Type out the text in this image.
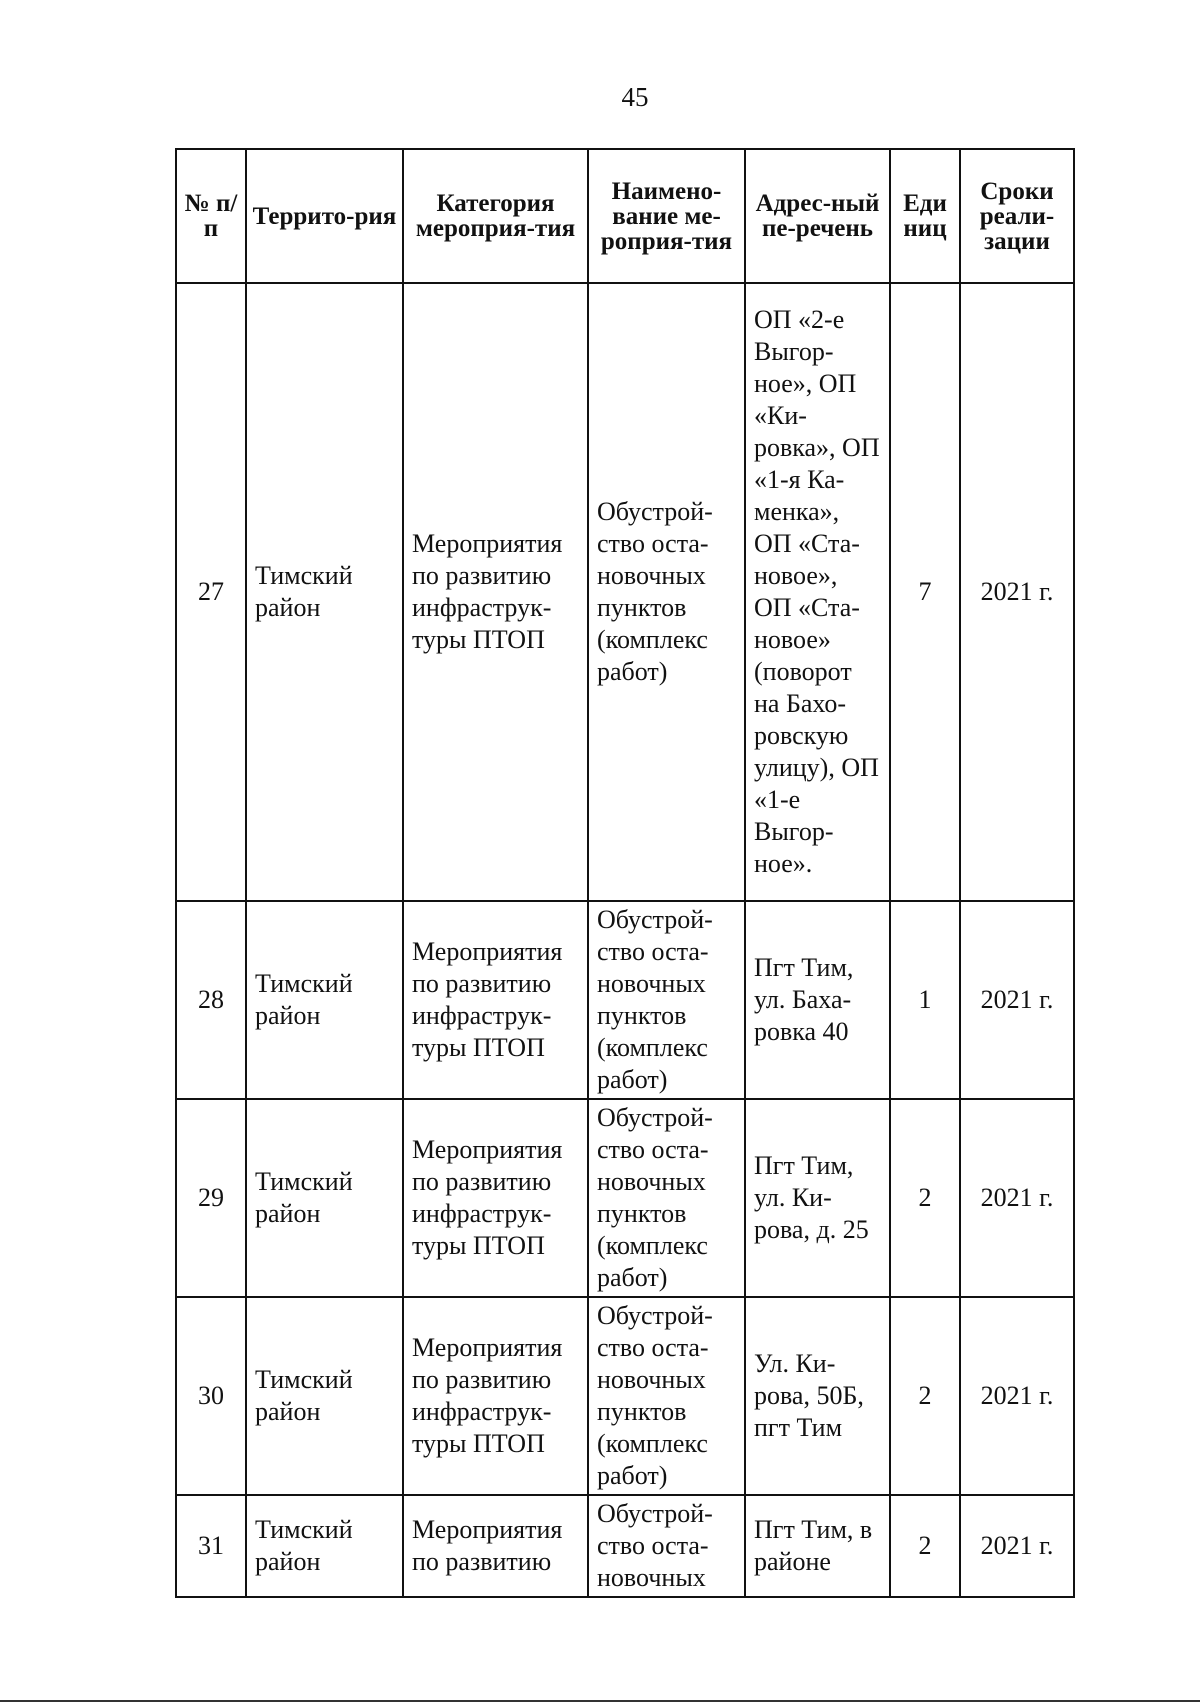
45
№ п/п	Террито-рия	Категория мероприя-тия	Наимено-вание ме-роприя-тия	Адрес-ный пе-речень	Еди ниц	Сроки реали-зации
27	Тимский район	Мероприятия по развитию инфраструк-туры ПТОП	Обустрой-ство оста-новочных пунктов (комплекс работ)	ОП «2-е Выгор-ное», ОП «Ки-ровка», ОП «1-я Ка-менка», ОП «Ста-новое», ОП «Ста-новое» (поворот на Бахо-ровскую улицу), ОП «1-е Выгор-ное».	7	2021 г.
28	Тимский район	Мероприятия по развитию инфраструк-туры ПТОП	Обустрой-ство оста-новочных пунктов (комплекс работ)	Пгт Тим, ул. Баха-ровка 40	1	2021 г.
29	Тимский район	Мероприятия по развитию инфраструк-туры ПТОП	Обустрой-ство оста-новочных пунктов (комплекс работ)	Пгт Тим, ул. Ки-рова, д. 25	2	2021 г.
30	Тимский район	Мероприятия по развитию инфраструк-туры ПТОП	Обустрой-ство оста-новочных пунктов (комплекс работ)	Ул. Ки-рова, 50Б, пгт Тим	2	2021 г.
31	Тимский район	Мероприятия по развитию	Обустрой-ство оста-новочных	Пгт Тим, в районе	2	2021 г.
